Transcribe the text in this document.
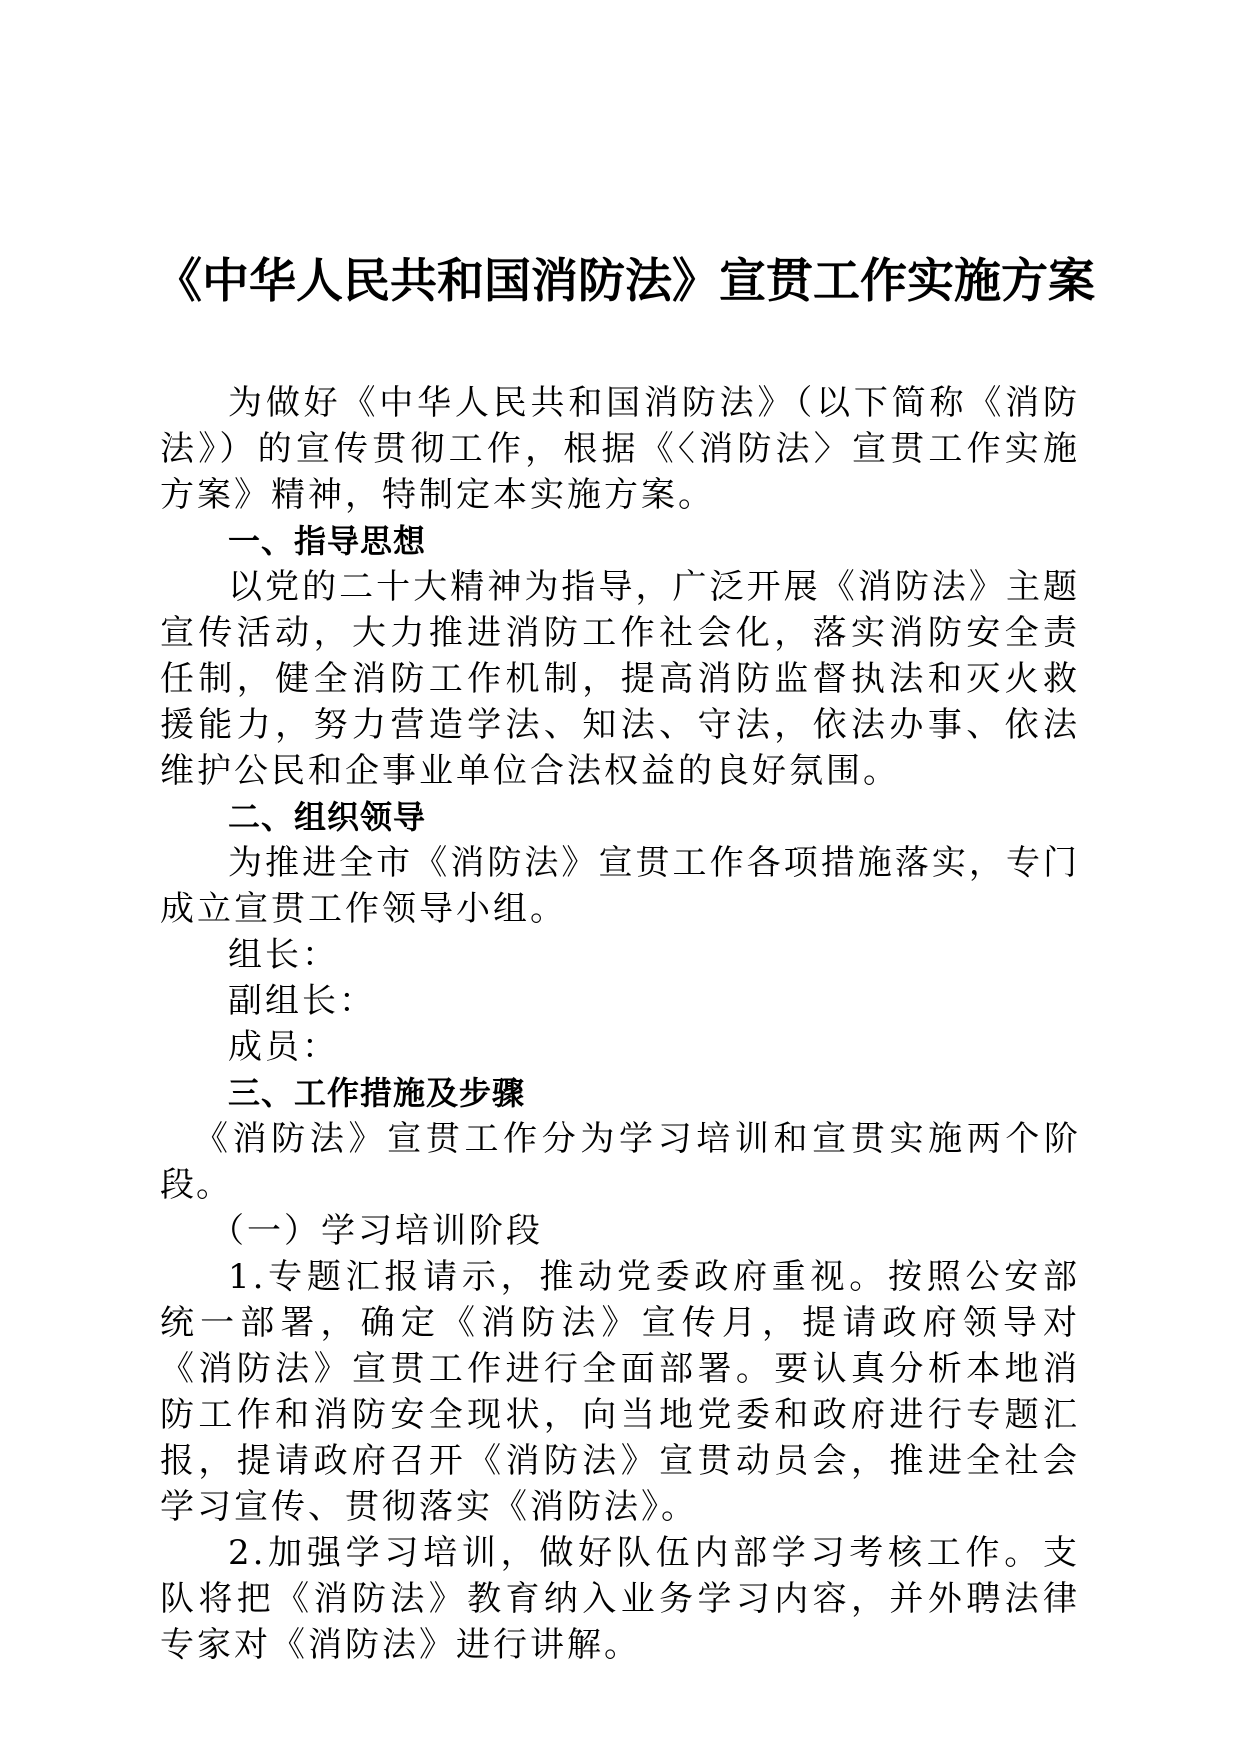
《中华人民共和国消防法》宣贯工作实施方案

为做好《中华人民共和国消防法》（以下简称《消防法》）的宣传贯彻工作，根据《〈消防法〉宣贯工作实施方案》精神，特制定本实施方案。

一、指导思想

以党的二十大精神为指导，广泛开展《消防法》主题宣传活动，大力推进消防工作社会化，落实消防安全责任制，健全消防工作机制，提高消防监督执法和灭火救援能力，努力营造学法、知法、守法，依法办事、依法维护公民和企事业单位合法权益的良好氛围。

二、组织领导

为推进全市《消防法》宣贯工作各项措施落实，专门成立宣贯工作领导小组。

组长：

副组长：

成员：

三、工作措施及步骤

《消防法》宣贯工作分为学习培训和宣贯实施两个阶段。

（一）学习培训阶段

1.专题汇报请示，推动党委政府重视。按照公安部统一部署，确定《消防法》宣传月，提请政府领导对《消防法》宣贯工作进行全面部署。要认真分析本地消防工作和消防安全现状，向当地党委和政府进行专题汇报，提请政府召开《消防法》宣贯动员会，推进全社会学习宣传、贯彻落实《消防法》。

2.加强学习培训，做好队伍内部学习考核工作。支队将把《消防法》教育纳入业务学习内容，并外聘法律专家对《消防法》进行讲解。
